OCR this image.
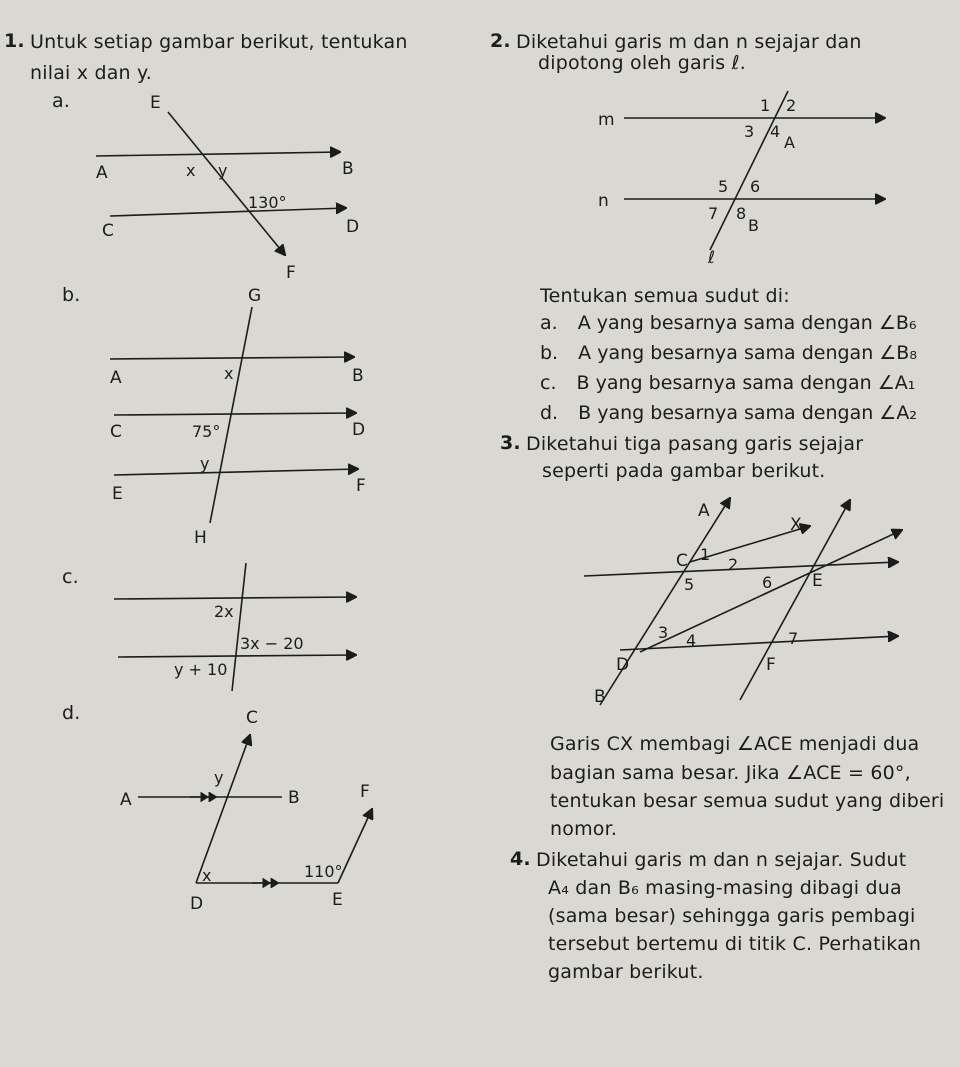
1. Untuk setiap gambar berikut, tentukan
nilai x dan y.
2. Diketahui garis m dan n sejajar dan
dipotong oleh garis ℓ.
a.	E
A	B
C	D
F
x y
130°
m
n
ℓ
1 2
3 4
A
5 6
7 8
B
b.	G
A	B
C	D
E	F
H
x
75°
y
Tentukan semua sudut di:
a. A yang besarnya sama dengan ∠B₆
b. A yang besarnya sama dengan ∠B₈
c. B yang besarnya sama dengan ∠A₁
d. B yang besarnya sama dengan ∠A₂
3. Diketahui tiga pasang garis sejajar
seperti pada gambar berikut.
A
X
C
E
D	F
B
1
2
3 4
5	6
7
c.
2x
3x − 20
y + 10
d.	C
A	B	F
D	E
y
x	110°
Garis CX membagi ∠ACE menjadi dua
bagian sama besar. Jika ∠ACE = 60°,
tentukan besar semua sudut yang diberi
nomor.
4. Diketahui garis m dan n sejajar. Sudut
A₄ dan B₆ masing-masing dibagi dua
(sama besar) sehingga garis pembagi
tersebut bertemu di titik C. Perhatikan
gambar berikut.
